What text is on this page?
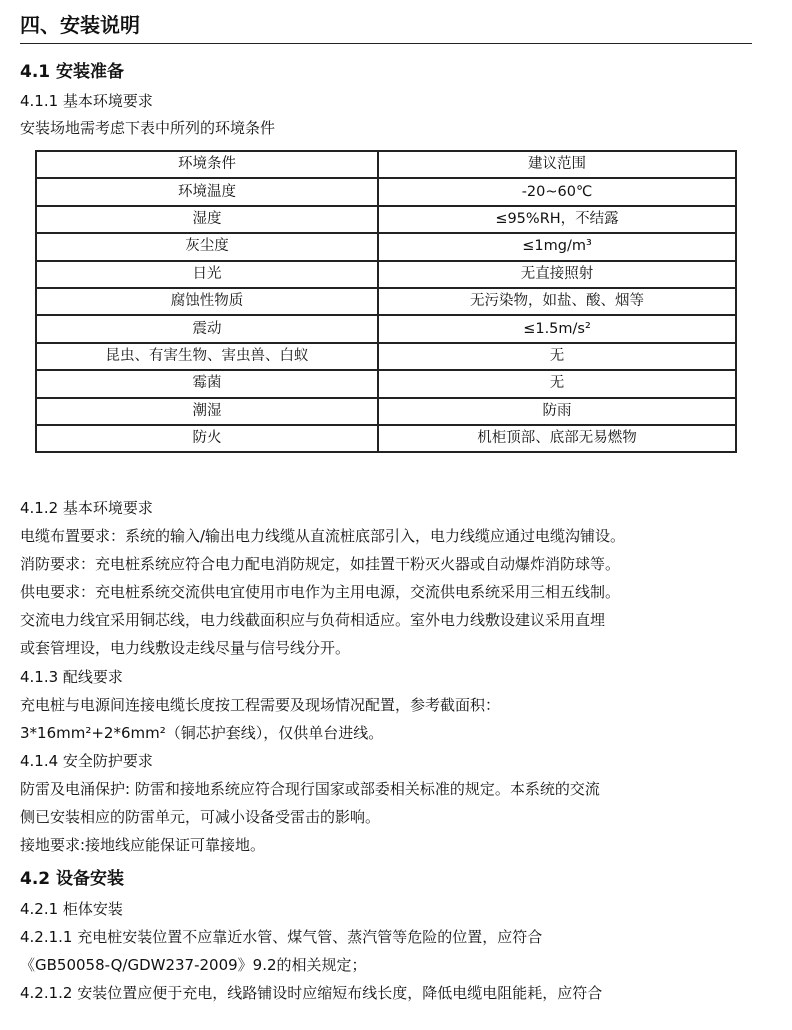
四、安装说明
4.1 安装准备
4.1.1 基本环境要求
安装场地需考虑下表中所列的环境条件
环境条件	建议范围
环境温度	-20~60℃
湿度	≤95%RH，不结露
灰尘度	≤1mg/m³
日光	无直接照射
腐蚀性物质	无污染物，如盐、酸、烟等
震动	≤1.5m/s²
昆虫、有害生物、害虫兽、白蚁	无
霉菌	无
潮湿	防雨
防火	机柜顶部、底部无易燃物
4.1.2 基本环境要求
电缆布置要求：系统的输入/输出电力线缆从直流桩底部引入，电力线缆应通过电缆沟铺设。
消防要求：充电桩系统应符合电力配电消防规定，如挂置干粉灭火器或自动爆炸消防球等。
供电要求：充电桩系统交流供电宜使用市电作为主用电源，交流供电系统采用三相五线制。
交流电力线宜采用铜芯线，电力线截面积应与负荷相适应。室外电力线敷设建议采用直埋
或套管埋设，电力线敷设走线尽量与信号线分开。
4.1.3 配线要求
充电桩与电源间连接电缆长度按工程需要及现场情况配置，参考截面积：
3*16mm²+2*6mm²（铜芯护套线），仅供单台进线。
4.1.4 安全防护要求
防雷及电涌保护: 防雷和接地系统应符合现行国家或部委相关标准的规定。本系统的交流
侧已安装相应的防雷单元，可减小设备受雷击的影响。
接地要求:接地线应能保证可靠接地。
4.2 设备安装
4.2.1 柜体安装
4.2.1.1 充电桩安装位置不应靠近水管、煤气管、蒸汽管等危险的位置，应符合
《GB50058-Q/GDW237-2009》9.2的相关规定；
4.2.1.2 安装位置应便于充电，线路铺设时应缩短布线长度，降低电缆电阻能耗，应符合
